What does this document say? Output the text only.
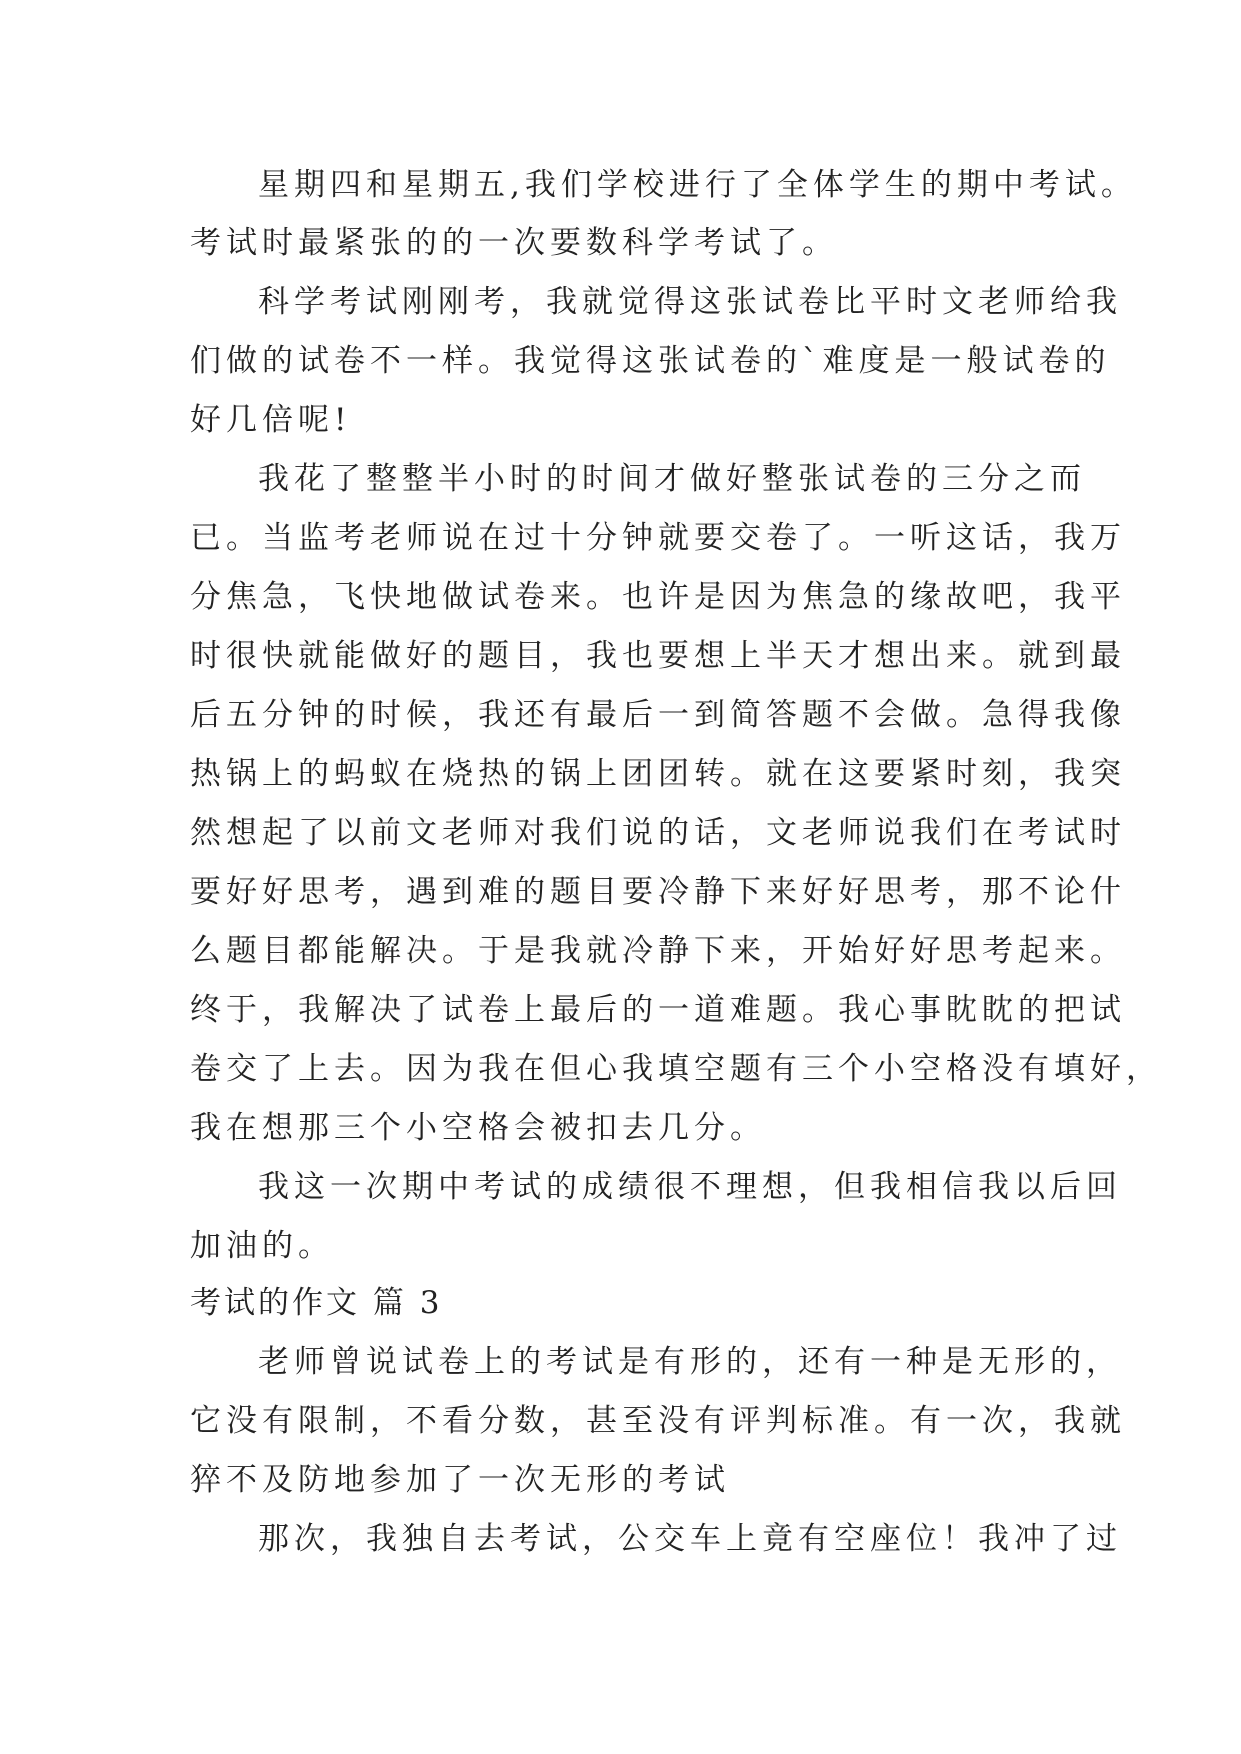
星期四和星期五,我们学校进行了全体学生的期中考试。
考试时最紧张的的一次要数科学考试了。
科学考试刚刚考，我就觉得这张试卷比平时文老师给我
们做的试卷不一样。我觉得这张试卷的`难度是一般试卷的
好几倍呢!
我花了整整半小时的时间才做好整张试卷的三分之而
已。当监考老师说在过十分钟就要交卷了。一听这话，我万
分焦急，飞快地做试卷来。也许是因为焦急的缘故吧，我平
时很快就能做好的题目，我也要想上半天才想出来。就到最
后五分钟的时候，我还有最后一到简答题不会做。急得我像
热锅上的蚂蚁在烧热的锅上团团转。就在这要紧时刻，我突
然想起了以前文老师对我们说的话，文老师说我们在考试时
要好好思考，遇到难的题目要冷静下来好好思考，那不论什
么题目都能解决。于是我就冷静下来，开始好好思考起来。
终于，我解决了试卷上最后的一道难题。我心事眈眈的把试
卷交了上去。因为我在但心我填空题有三个小空格没有填好，
我在想那三个小空格会被扣去几分。
我这一次期中考试的成绩很不理想，但我相信我以后回
加油的。
考试的作文 篇 3
老师曾说试卷上的考试是有形的，还有一种是无形的，
它没有限制，不看分数，甚至没有评判标准。有一次，我就
猝不及防地参加了一次无形的考试
那次，我独自去考试，公交车上竟有空座位！我冲了过
